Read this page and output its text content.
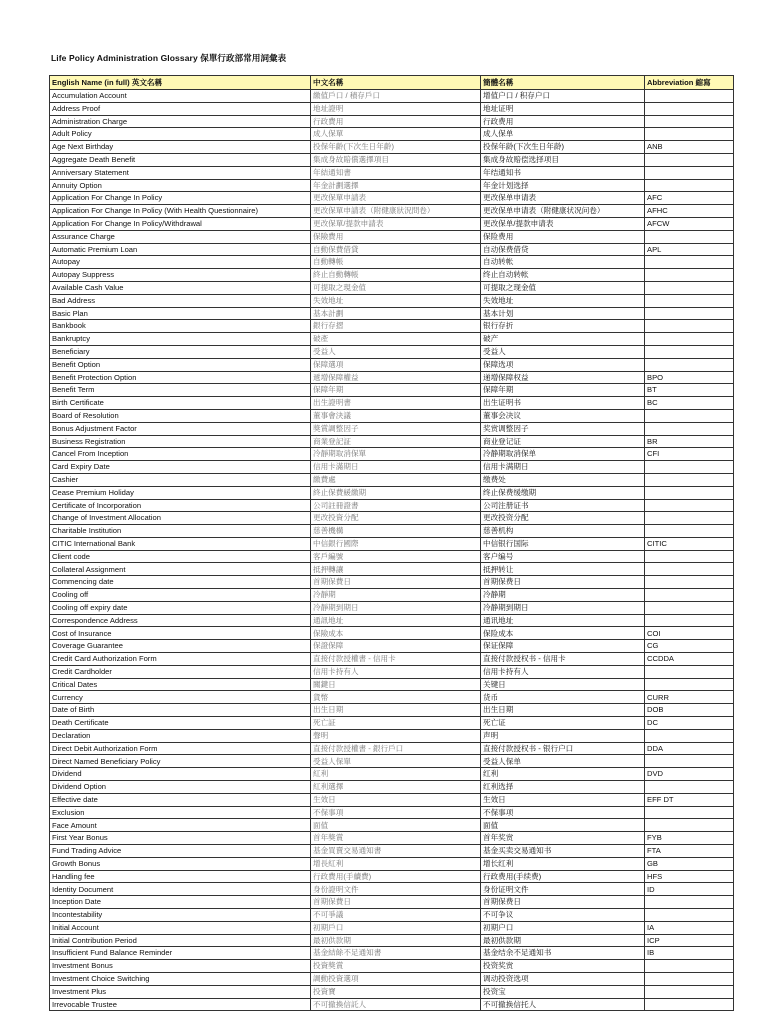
Life Policy Administration Glossary 保單行政部常用詞彙表
English Name (in full) 英文名稱	中文名稱	簡體名稱	Abbreviation 縮寫
Accumulation Account	繳值戶口 / 積存戶口	增值户口 / 积存户口	
Address Proof	地址證明	地址证明	
Administration Charge	行政費用	行政费用	
Adult Policy	成人保單	成人保单	
Age Next Birthday	投保年齡(下次生日年齡)	投保年龄(下次生日年龄)	ANB
Aggregate Death Benefit	集成身故賠償選擇項目	集成身故赔偿选择项目	
Anniversary Statement	年結通知書	年结通知书	
Annuity Option	年金計劃選擇	年金计划选择	
Application For Change In Policy	更改保單申請表	更改保单申请表	AFC
Application For Change In Policy (With Health Questionnaire)	更改保單申請表（附健康狀況問卷）	更改保单申请表（附健康状况问卷）	AFHC
Application For Change In Policy/Withdrawal	更改保單/提款申請表	更改保单/提款申请表	AFCW
Assurance Charge	保險費用	保险费用	
Automatic Premium Loan	自動保費借貸	自动保费借贷	APL
Autopay	自動轉帳	自动转帐	
Autopay Suppress	終止自動轉帳	终止自动转帐	
Available Cash Value	可提取之現金值	可提取之现金值	
Bad Address	失效地址	失效地址	
Basic Plan	基本計劃	基本计划	
Bankbook	銀行存摺	银行存折	
Bankruptcy	破產	破产	
Beneficiary	受益人	受益人	
Benefit Option	保障選項	保障选项	
Benefit Protection Option	遞增保障權益	递增保障权益	BPO
Benefit Term	保障年期	保障年期	BT
Birth Certificate	出生證明書	出生证明书	BC
Board of Resolution	董事會決議	董事会决议	
Bonus Adjustment Factor	獎賞調整因子	奖赏调整因子	
Business Registration	商業登記証	商业登记证	BR
Cancel From Inception	冷靜期取消保單	冷静期取消保单	CFI
Card Expiry Date	信用卡滿期日	信用卡满期日	
Cashier	繳費處	缴费处	
Cease Premium Holiday	終止保費緩繳期	终止保费缓缴期	
Certificate of Incorporation	公司註冊證書	公司注册证书	
Change of Investment Allocation	更改投資分配	更改投资分配	
Charitable Institution	慈善機構	慈善机构	
CITIC International Bank	中信銀行國際	中信银行国际	CITIC
Client code	客戶編號	客户编号	
Collateral Assignment	抵押轉讓	抵押转让	
Commencing date	首期保費日	首期保费日	
Cooling off	冷靜期	冷静期	
Cooling off expiry date	冷靜期到期日	冷静期到期日	
Correspondence Address	通訊地址	通讯地址	
Cost of Insurance	保險成本	保险成本	COI
Coverage Guarantee	保證保障	保证保障	CG
Credit Card Authorization Form	直接付款授權書 - 信用卡	直接付款授权书 - 信用卡	CCDDA
Credit Cardholder	信用卡持有人	信用卡持有人	
Critical Dates	關鍵日	关键日	
Currency	貨幣	货币	CURR
Date of Birth	出生日期	出生日期	DOB
Death Certificate	死亡証	死亡证	DC
Declaration	聲明	声明	
Direct Debit Authorization Form	直接付款授權書 - 銀行戶口	直接付款授权书 - 银行户口	DDA
Direct Named Beneficiary Policy	受益人保單	受益人保单	
Dividend	紅利	红利	DVD
Dividend Option	紅利選擇	红利选择	
Effective date	生效日	生效日	EFF DT
Exclusion	不保事項	不保事项	
Face Amount	面值	面值	
First Year Bonus	首年獎賞	首年奖赏	FYB
Fund Trading Advice	基金買賣交易通知書	基金买卖交易通知书	FTA
Growth Bonus	增長紅利	增长红利	GB
Handling fee	行政費用(手續費)	行政费用(手续费)	HFS
Identity Document	身份證明文件	身份证明文件	ID
Inception Date	首期保費日	首期保费日	
Incontestability	不可爭議	不可争议	
Initial Account	初期戶口	初期户口	IA
Initial Contribution Period	最初供款期	最初供款期	ICP
Insufficient Fund Balance Reminder	基金結餘不足通知書	基金结余不足通知书	IB
Investment Bonus	投資獎賞	投资奖赏	
Investment Choice Switching	調動投資選項	调动投资选项	
Investment Plus	投資寶	投资宝	
Irrevocable Trustee	不可撤換信託人	不可撤换信托人	
